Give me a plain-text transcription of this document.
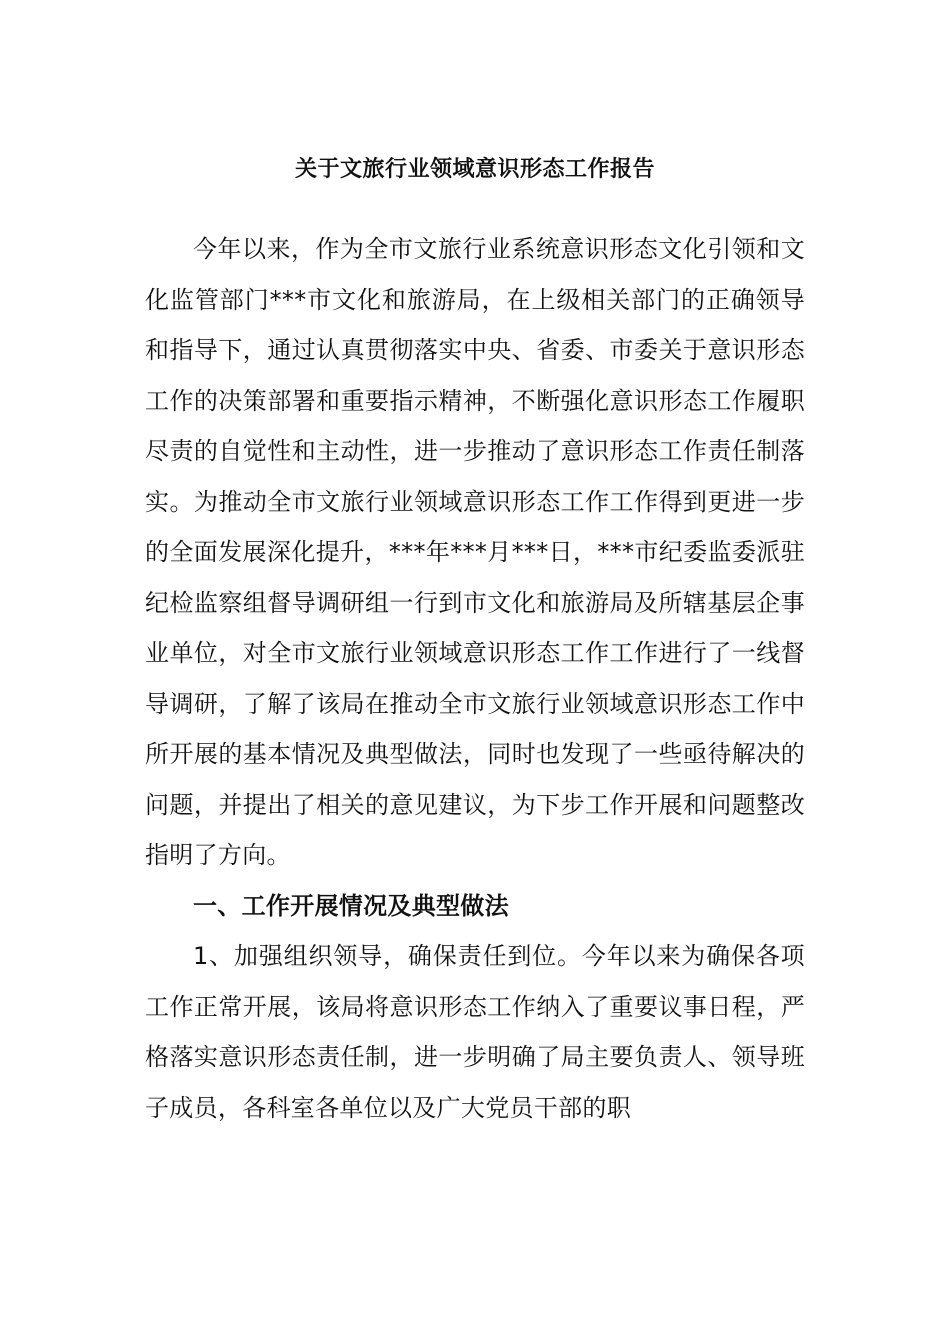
关于文旅行业领域意识形态工作报告

今年以来，作为全市文旅行业系统意识形态文化引领和文化监管部门***市文化和旅游局，在上级相关部门的正确领导和指导下，通过认真贯彻落实中央、省委、市委关于意识形态工作的决策部署和重要指示精神，不断强化意识形态工作履职尽责的自觉性和主动性，进一步推动了意识形态工作责任制落实。为推动全市文旅行业领域意识形态工作工作得到更进一步的全面发展深化提升，***年***月***日，***市纪委监委派驻纪检监察组督导调研组一行到市文化和旅游局及所辖基层企事业单位，对全市文旅行业领域意识形态工作工作进行了一线督导调研，了解了该局在推动全市文旅行业领域意识形态工作中所开展的基本情况及典型做法，同时也发现了一些亟待解决的问题，并提出了相关的意见建议，为下步工作开展和问题整改指明了方向。

一、工作开展情况及典型做法

1、加强组织领导，确保责任到位。今年以来为确保各项工作正常开展，该局将意识形态工作纳入了重要议事日程，严格落实意识形态责任制，进一步明确了局主要负责人、领导班子成员，各科室各单位以及广大党员干部的职
